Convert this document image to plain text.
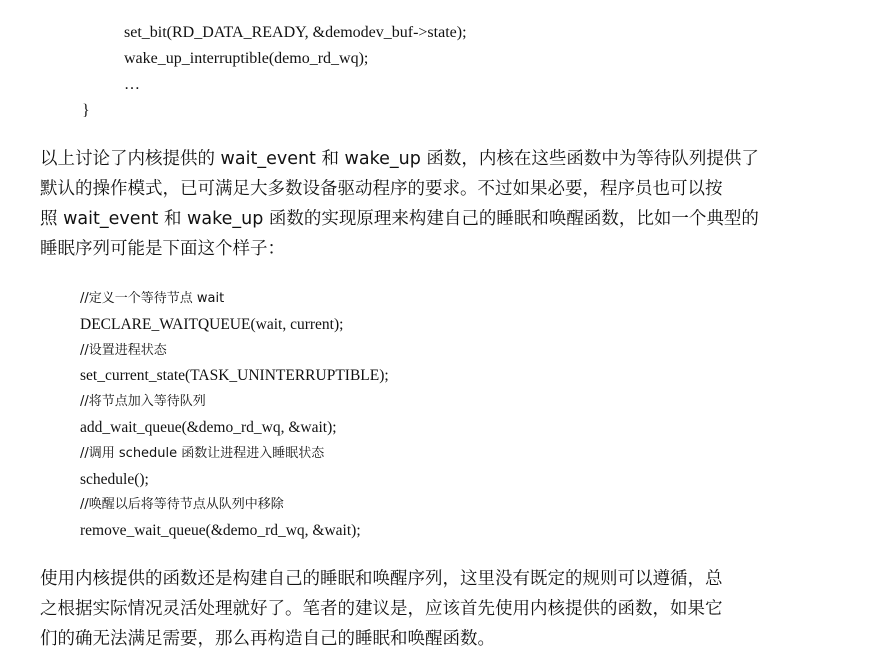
set_bit(RD_DATA_READY, &demodev_buf->state);
wake_up_interruptible(demo_rd_wq);
…
}

以上讨论了内核提供的 wait_event 和 wake_up 函数，内核在这些函数中为等待队列提供了

默认的操作模式，已可满足大多数设备驱动程序的要求。不过如果必要，程序员也可以按

照 wait_event 和 wake_up 函数的实现原理来构建自己的睡眠和唤醒函数，比如一个典型的

睡眠序列可能是下面这个样子：

//定义一个等待节点 wait
DECLARE_WAITQUEUE(wait, current);
//设置进程状态
set_current_state(TASK_UNINTERRUPTIBLE);
//将节点加入等待队列
add_wait_queue(&demo_rd_wq, &wait);
//调用 schedule 函数让进程进入睡眠状态
schedule();
//唤醒以后将等待节点从队列中移除
remove_wait_queue(&demo_rd_wq, &wait);

使用内核提供的函数还是构建自己的睡眠和唤醒序列，这里没有既定的规则可以遵循，总

之根据实际情况灵活处理就好了。笔者的建议是，应该首先使用内核提供的函数，如果它

们的确无法满足需要，那么再构造自己的睡眠和唤醒函数。
